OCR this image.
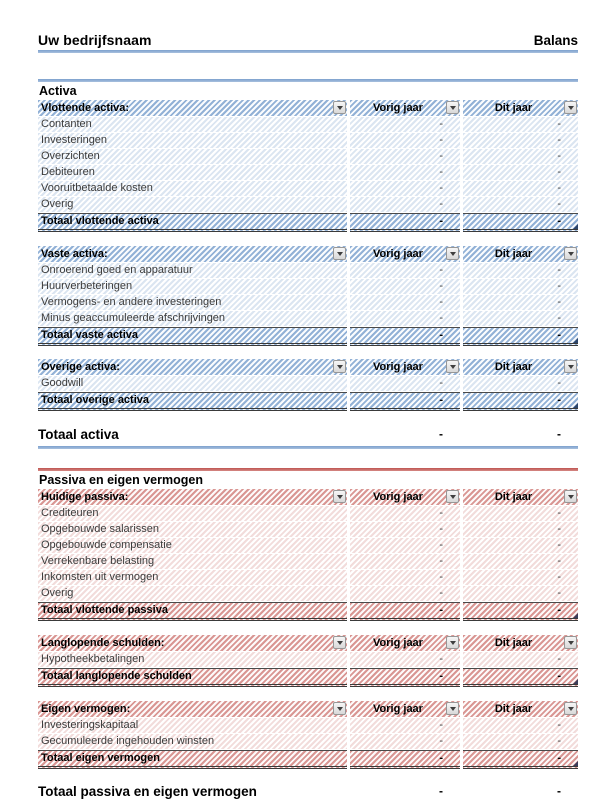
Uw bedrijfsnaam	Balans
Activa
Vlottende activa:	Vorig jaar	Dit jaar
Contanten	-	-
Investeringen	-	-
Overzichten	-	-
Debiteuren	-	-
Vooruitbetaalde kosten	-	-
Overig	-	-
Totaal vlottende activa	-	-
Vaste activa:	Vorig jaar	Dit jaar
Onroerend goed en apparatuur	-	-
Huurverbeteringen	-	-
Vermogens- en andere investeringen	-	-
Minus geaccumuleerde afschrijvingen	-	-
Totaal vaste activa	-	-
Overige activa:	Vorig jaar	Dit jaar
Goodwill	-	-
Totaal overige activa	-	-
Totaal activa	-	-
Passiva en eigen vermogen
Huidige passiva:	Vorig jaar	Dit jaar
Crediteuren	-	-
Opgebouwde salarissen	-	-
Opgebouwde compensatie	-	-
Verrekenbare belasting	-	-
Inkomsten uit vermogen	-	-
Overig	-	-
Totaal vlottende passiva	-	-
Langlopende schulden:	Vorig jaar	Dit jaar
Hypotheekbetalingen	-	-
Totaal langlopende schulden	-	-
Eigen vermogen:	Vorig jaar	Dit jaar
Investeringskapitaal	-	-
Gecumuleerde ingehouden winsten	-	-
Totaal eigen vermogen	-	-
Totaal passiva en eigen vermogen	-	-
